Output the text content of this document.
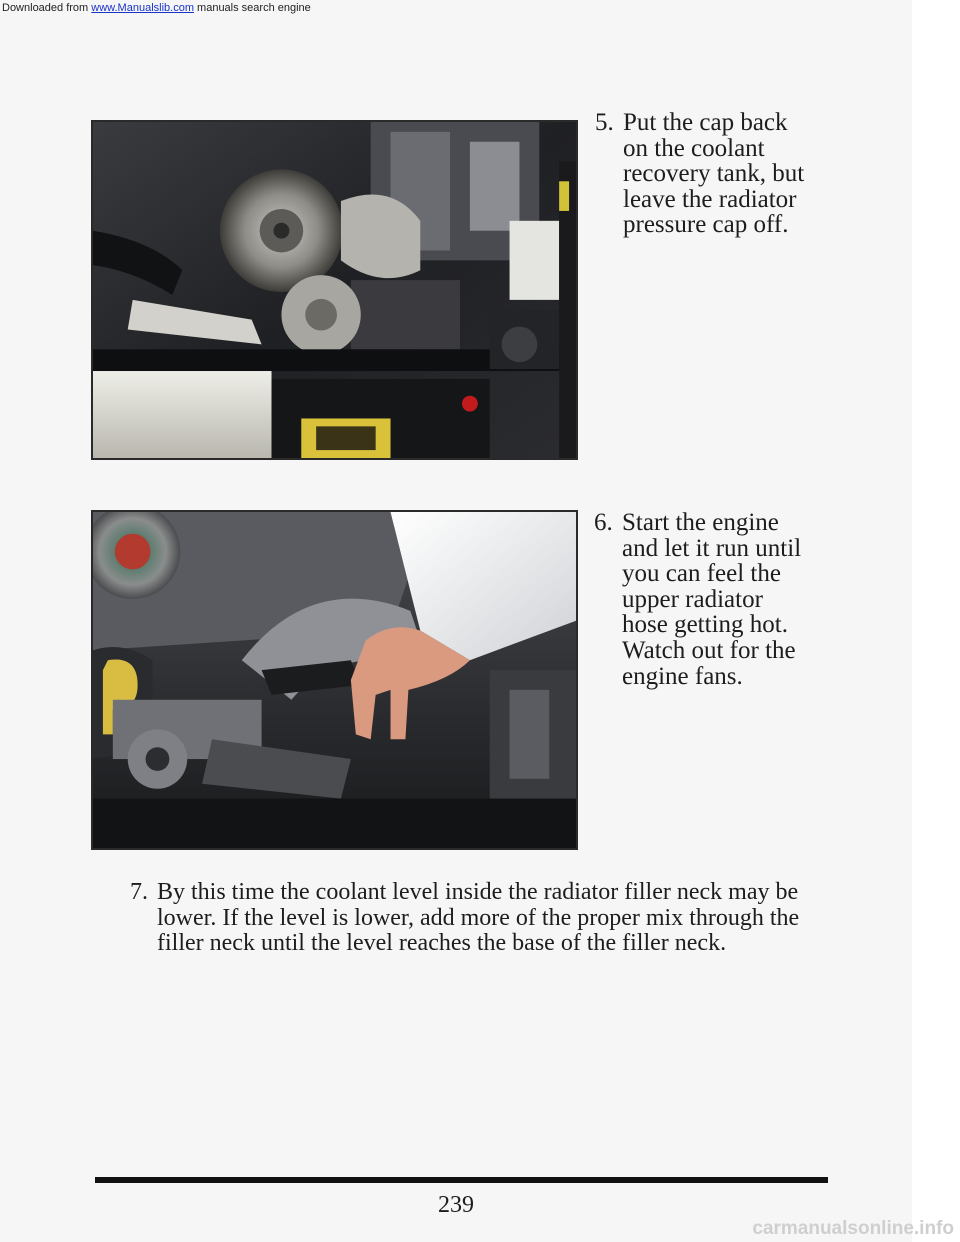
Downloaded from www.Manualslib.com manuals search engine
5. Put the cap back
on the coolant
recovery tank, but
leave the radiator
pressure cap off.
6. Start the engine
and let it run until
you can feel the
upper radiator
hose getting hot.
Watch out for the
engine fans.
7. By this time the coolant level inside the radiator filler neck may be
lower. If the level is lower, add more of the proper mix through the
filler neck until the level reaches the base of the filler neck.
239
carmanualsonline.info
